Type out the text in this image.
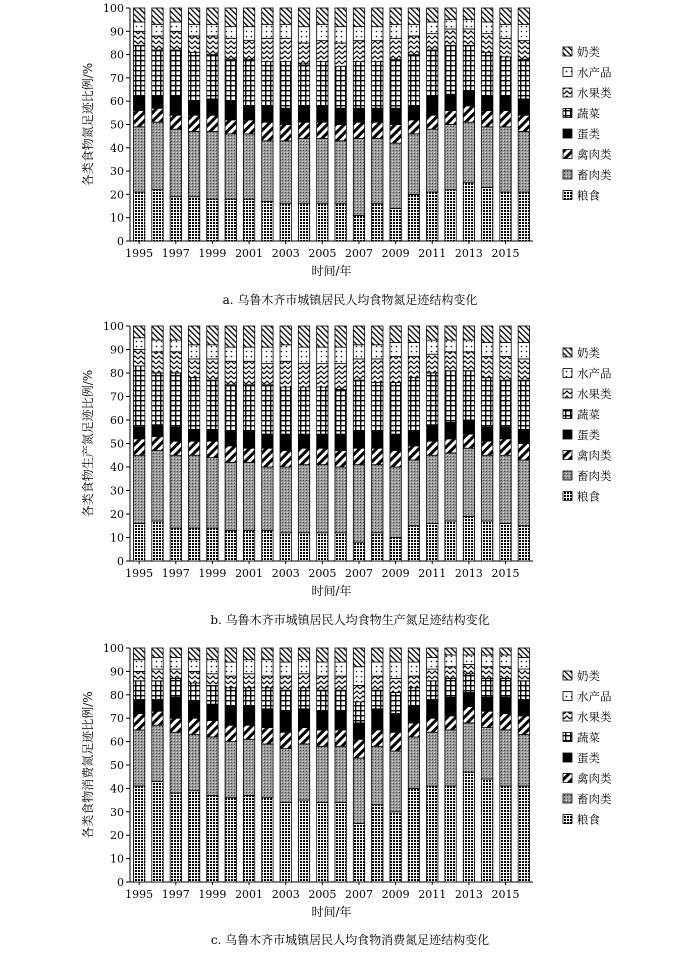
0
10
20
30
40
50
60
70
80
90
100
1995 1997 1999 2001 2003 2005 2007 2009 2011 2013 2015
时间/年
各类食物氮足迹比例/%
奶类
水产品
水果类
蔬菜
蛋类
禽肉类
畜肉类
粮食
a. 乌鲁木齐市城镇居民人均食物氮足迹结构变化
0
10
20
30
40
50
60
70
80
90
100
1995 1997 1999 2001 2003 2005 2007 2009 2011 2013 2015
时间/年
各类食物生产氮足迹比例/%
奶类
水产品
水果类
蔬菜
蛋类
禽肉类
畜肉类
粮食
b. 乌鲁木齐市城镇居民人均食物生产氮足迹结构变化
0
10
20
30
40
50
60
70
80
90
100
1995 1997 1999 2001 2003 2005 2007 2009 2011 2013 2015
时间/年
各类食物消费氮足迹比例/%
奶类
水产品
水果类
蔬菜
蛋类
禽肉类
畜肉类
粮食
c. 乌鲁木齐市城镇居民人均食物消费氮足迹结构变化
